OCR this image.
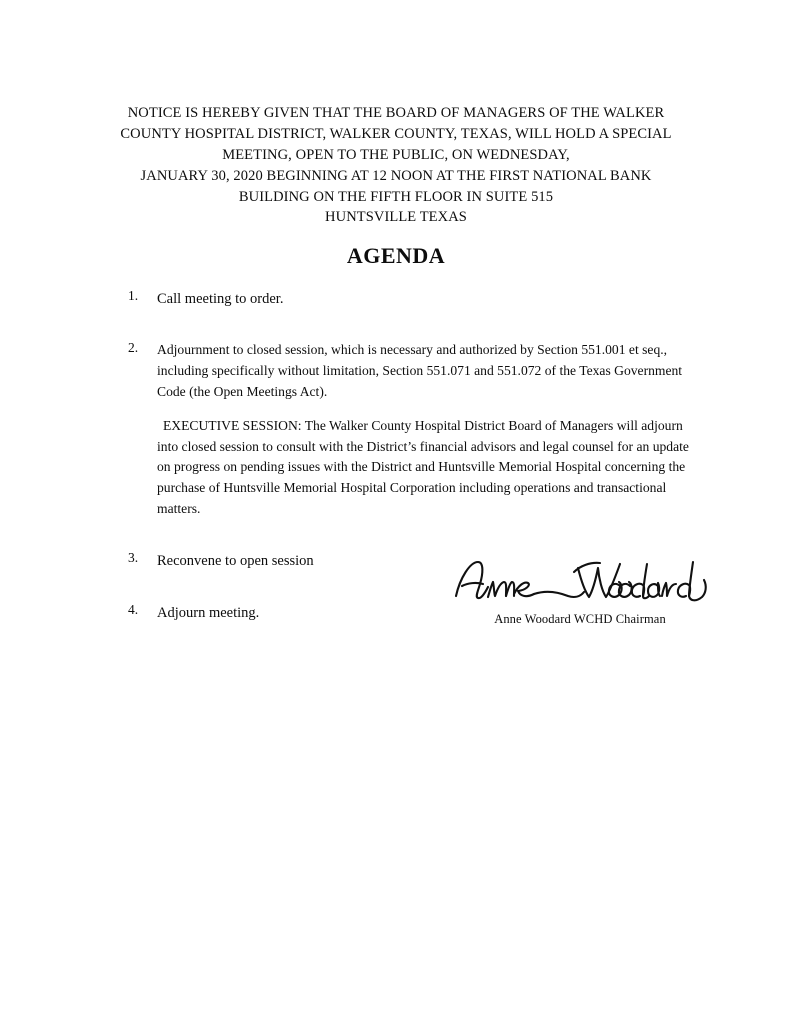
NOTICE IS HEREBY GIVEN THAT THE BOARD OF MANAGERS OF THE WALKER
COUNTY HOSPITAL DISTRICT, WALKER COUNTY, TEXAS, WILL HOLD A SPECIAL
MEETING, OPEN TO THE PUBLIC, ON WEDNESDAY,
JANUARY 30, 2020 BEGINNING AT 12 NOON AT THE FIRST NATIONAL BANK
BUILDING ON THE FIFTH FLOOR IN SUITE 515
HUNTSVILLE TEXAS
AGENDA
1.	Call meeting to order.
2.	Adjournment to closed session, which is necessary and authorized by Section 551.001 et seq., including specifically without limitation, Section 551.071 and 551.072 of the Texas Government Code (the Open Meetings Act).

EXECUTIVE SESSION: The Walker County Hospital District Board of Managers will adjourn into closed session to consult with the District’s financial advisors and legal counsel for an update on progress on pending issues with the District and Huntsville Memorial Hospital concerning the purchase of Huntsville Memorial Hospital Corporation including operations and transactional matters.

3.	Reconvene to open session
4.	Adjourn meeting.	Anne Woodard WCHD Chairman
